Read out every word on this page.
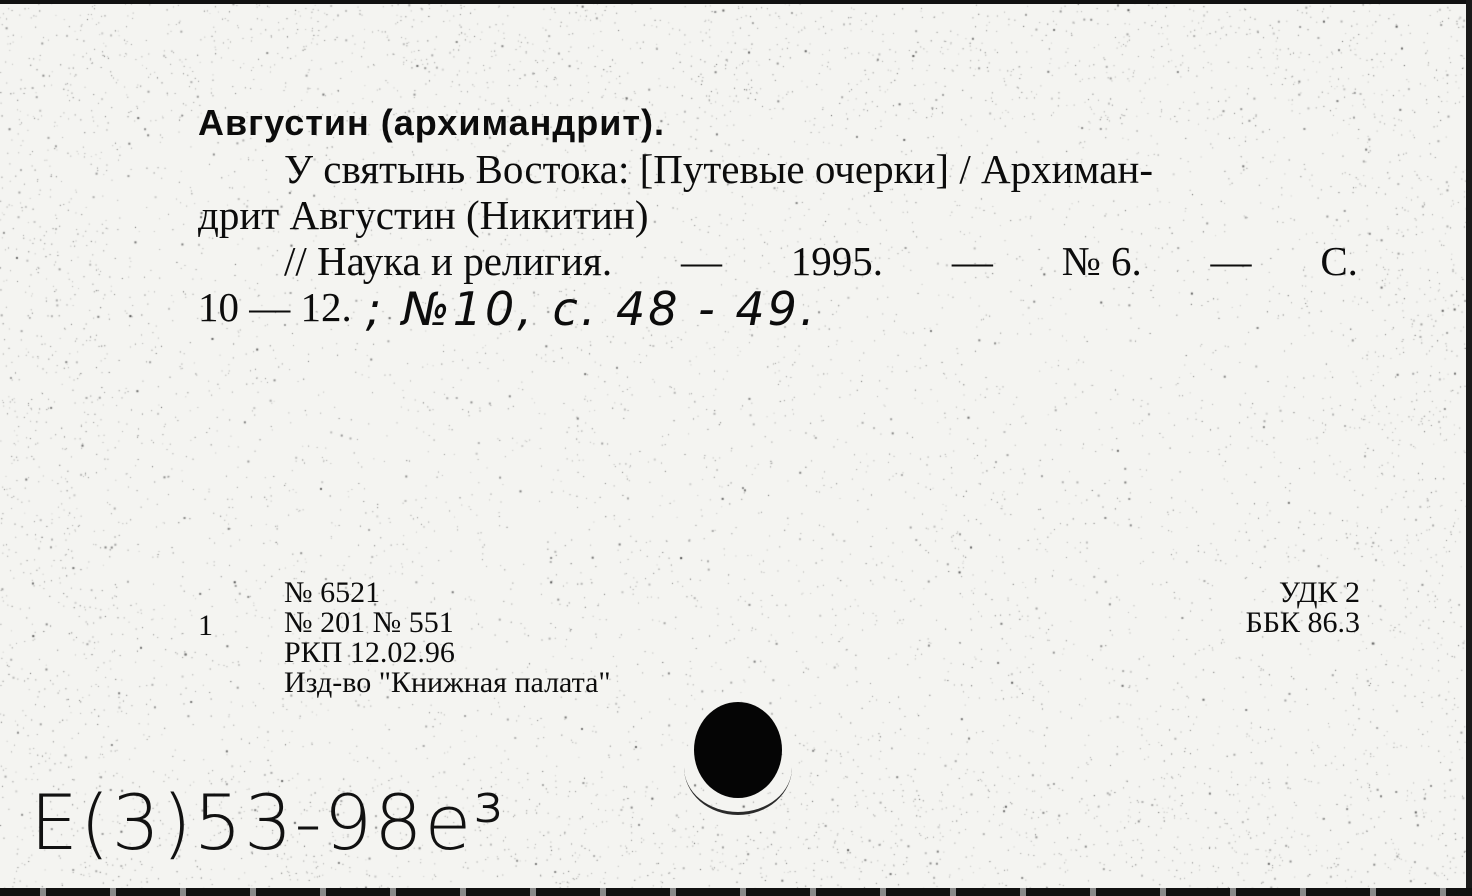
Августин (архимандрит).
У святынь Востока: [Путевые очерки] / Архиман-
дрит Августин (Никитин)
// Наука и религия. — 1995. — № 6. — С.
10 — 12. ; №10, с. 48 - 49.
1
№ 6521
№ 201 № 551
РКП 12.02.96
Изд-во "Книжная палата"
УДК 2
ББК 86.3
E(3)53-98e³
